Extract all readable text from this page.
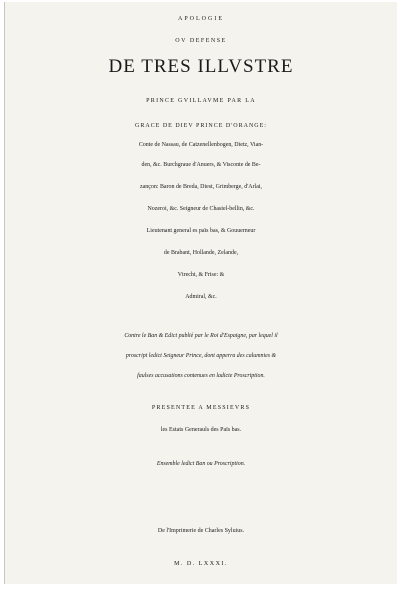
APOLOGIE
OV DEFENSE
DE TRES ILLVSTRE
PRINCE GVILLAVME PAR LA
GRACE DE DIEV PRINCE D'ORANGE:
Conte de Nassau, de Catzenellenbogen, Dietz, Vian-
den, &c. Burchgraue d'Anuers, & Visconte de Be-
zançon: Baron de Breda, Diest, Grimberge, d'Arlai,
Nozeroi, &c. Seigneur de Chastel-bellin, &c.
Lieutenant general es païs bas, & Gouuerneur
de Brabant, Hollande, Zelande,
Vtrecht, & Frise: &
Admiral, &c.
Contre le Ban & Edict publié par le Roi d'Espaigne, par lequel il
proscript ledict Seigneur Prince, dont apperra des calumnies &
faulses accusations contenues en ladicte Proscription.
PRESENTEE A MESSIEVRS
les Estats Generauls des Païs bas.
Ensemble ledict Ban ou Proscription.
De l'Imprimerie de Charles Syluius.
M. D. LXXXI.
